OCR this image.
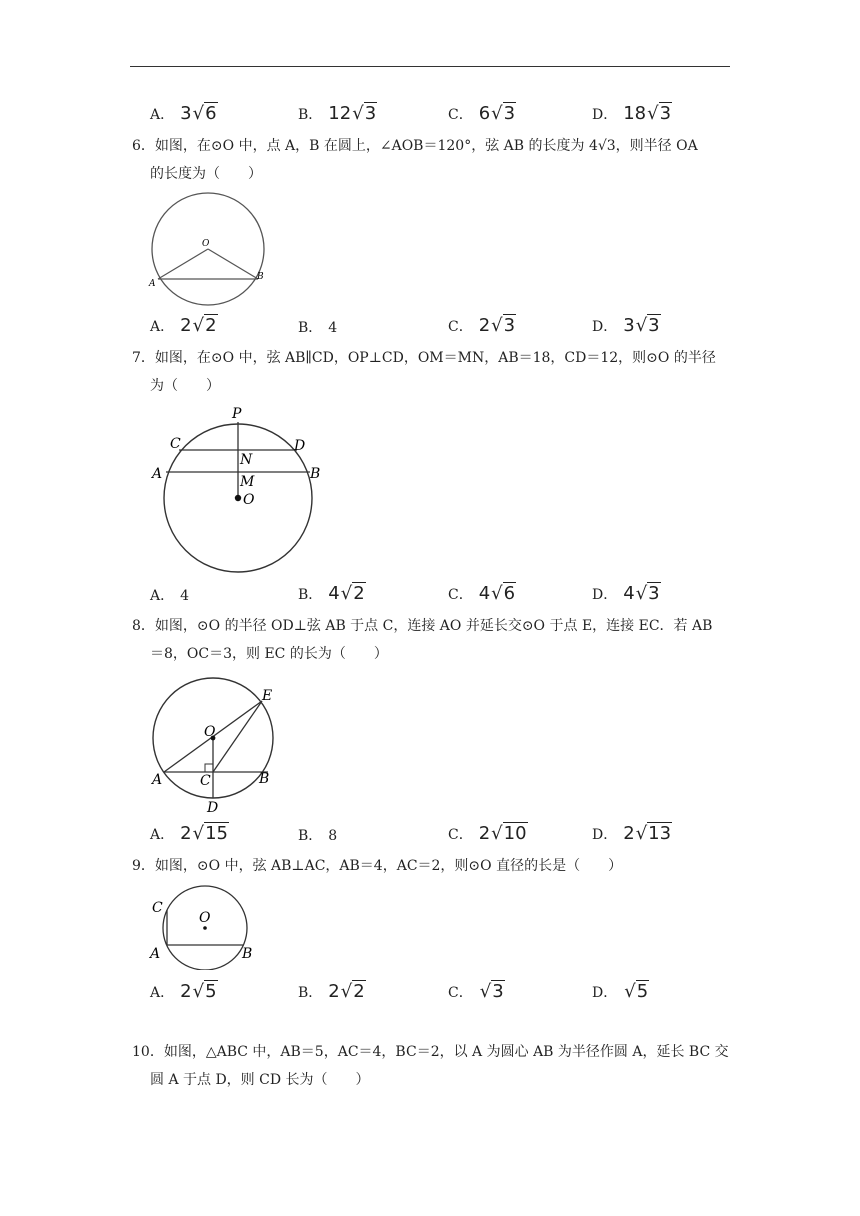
A． 3√6	B． 12√3	C． 6√3	D． 18√3
6．如图，在⊙O 中，点 A，B 在圆上，∠AOB＝120°，弦 AB 的长度为 4√3，则半径 OA
的长度为（　　）
O
A
B
A． 2√2	B． 4	C． 2√3	D． 3√3
7．如图，在⊙O 中，弦 AB∥CD，OP⊥CD，OM＝MN，AB＝18，CD＝12，则⊙O 的半径
为（　　）
P
C	D
N
A	B
M
O
A． 4	B． 4√2	C． 4√6	D． 4√3
8．如图，⊙O 的半径 OD⊥弦 AB 于点 C，连接 AO 并延长交⊙O 于点 E，连接 EC．若 AB
＝8，OC＝3，则 EC 的长为（　　）
E
O
A	C	B
D
A． 2√15	B． 8	C． 2√10	D． 2√13
9．如图，⊙O 中，弦 AB⊥AC，AB＝4，AC＝2，则⊙O 直径的长是（　　）
C
O
A	B
A． 2√5	B． 2√2	C． √3	D． √5
10．如图，△ABC 中，AB＝5，AC＝4，BC＝2，以 A 为圆心 AB 为半径作圆 A，延长 BC 交
圆 A 于点 D，则 CD 长为（　　）
